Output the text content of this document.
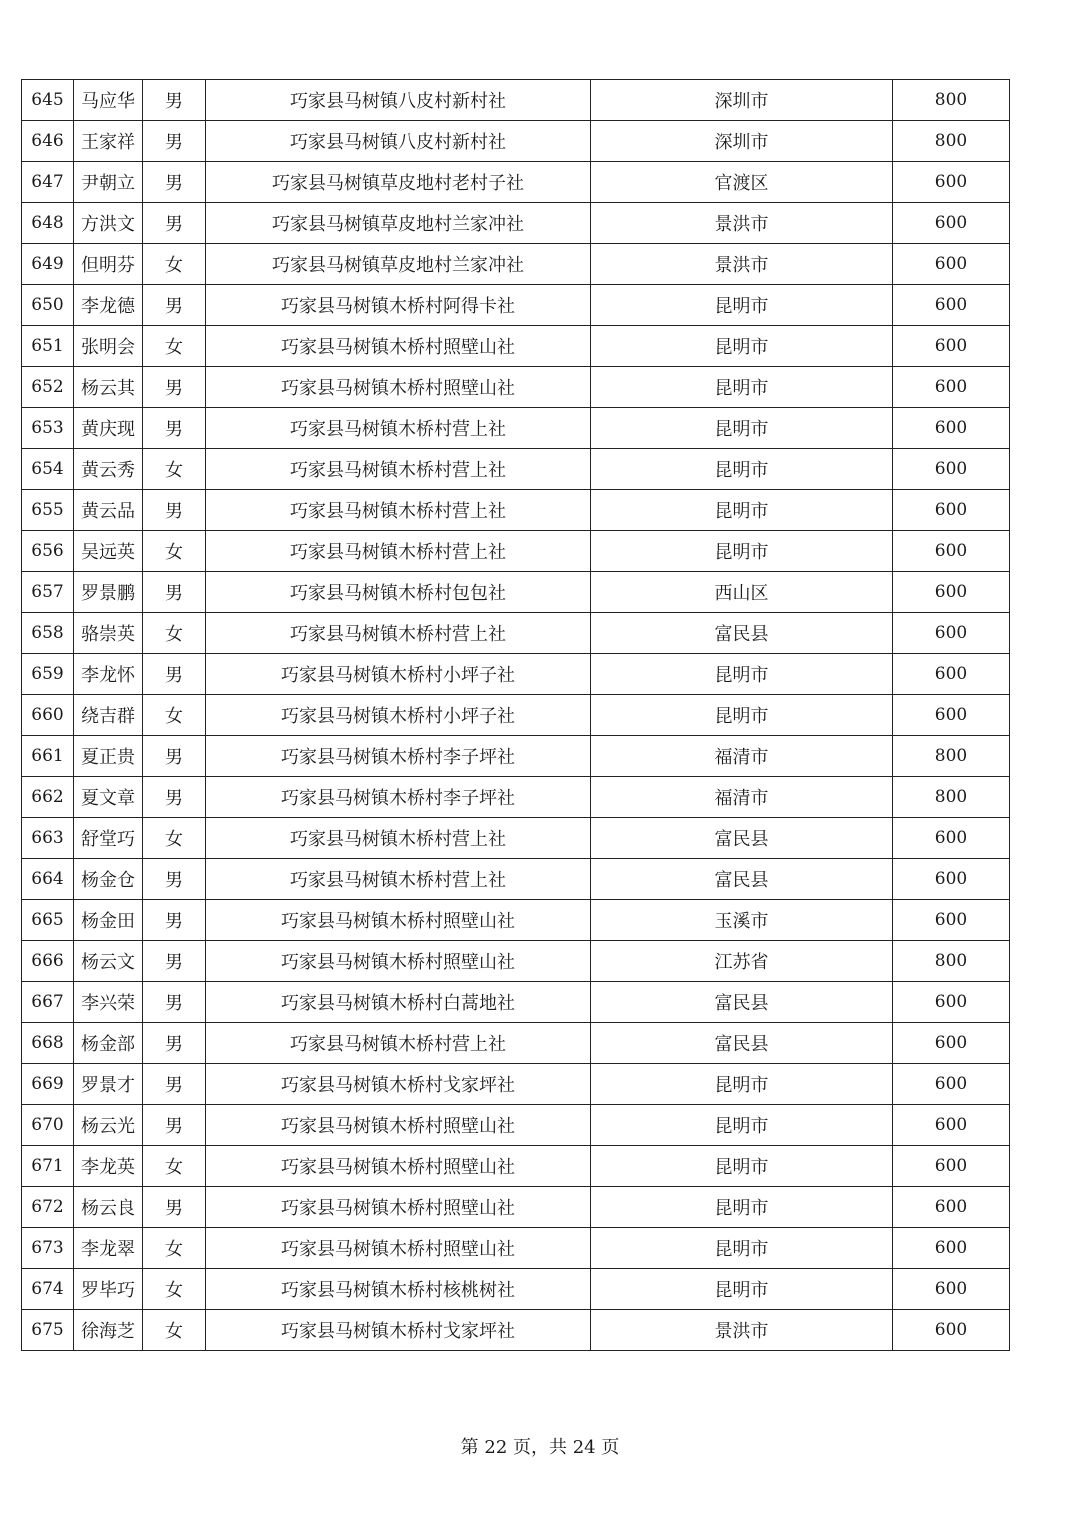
645	马应华	男	巧家县马树镇八皮村新村社	深圳市	800
646	王家祥	男	巧家县马树镇八皮村新村社	深圳市	800
647	尹朝立	男	巧家县马树镇草皮地村老村子社	官渡区	600
648	方洪文	男	巧家县马树镇草皮地村兰家冲社	景洪市	600
649	但明芬	女	巧家县马树镇草皮地村兰家冲社	景洪市	600
650	李龙德	男	巧家县马树镇木桥村阿得卡社	昆明市	600
651	张明会	女	巧家县马树镇木桥村照壁山社	昆明市	600
652	杨云其	男	巧家县马树镇木桥村照壁山社	昆明市	600
653	黄庆现	男	巧家县马树镇木桥村营上社	昆明市	600
654	黄云秀	女	巧家县马树镇木桥村营上社	昆明市	600
655	黄云品	男	巧家县马树镇木桥村营上社	昆明市	600
656	吴远英	女	巧家县马树镇木桥村营上社	昆明市	600
657	罗景鹏	男	巧家县马树镇木桥村包包社	西山区	600
658	骆崇英	女	巧家县马树镇木桥村营上社	富民县	600
659	李龙怀	男	巧家县马树镇木桥村小坪子社	昆明市	600
660	绕吉群	女	巧家县马树镇木桥村小坪子社	昆明市	600
661	夏正贵	男	巧家县马树镇木桥村李子坪社	福清市	800
662	夏文章	男	巧家县马树镇木桥村李子坪社	福清市	800
663	舒堂巧	女	巧家县马树镇木桥村营上社	富民县	600
664	杨金仓	男	巧家县马树镇木桥村营上社	富民县	600
665	杨金田	男	巧家县马树镇木桥村照壁山社	玉溪市	600
666	杨云文	男	巧家县马树镇木桥村照壁山社	江苏省	800
667	李兴荣	男	巧家县马树镇木桥村白蒿地社	富民县	600
668	杨金部	男	巧家县马树镇木桥村营上社	富民县	600
669	罗景才	男	巧家县马树镇木桥村戈家坪社	昆明市	600
670	杨云光	男	巧家县马树镇木桥村照壁山社	昆明市	600
671	李龙英	女	巧家县马树镇木桥村照壁山社	昆明市	600
672	杨云良	男	巧家县马树镇木桥村照壁山社	昆明市	600
673	李龙翠	女	巧家县马树镇木桥村照壁山社	昆明市	600
674	罗毕巧	女	巧家县马树镇木桥村核桃树社	昆明市	600
675	徐海芝	女	巧家县马树镇木桥村戈家坪社	景洪市	600
第 22 页，共 24 页
